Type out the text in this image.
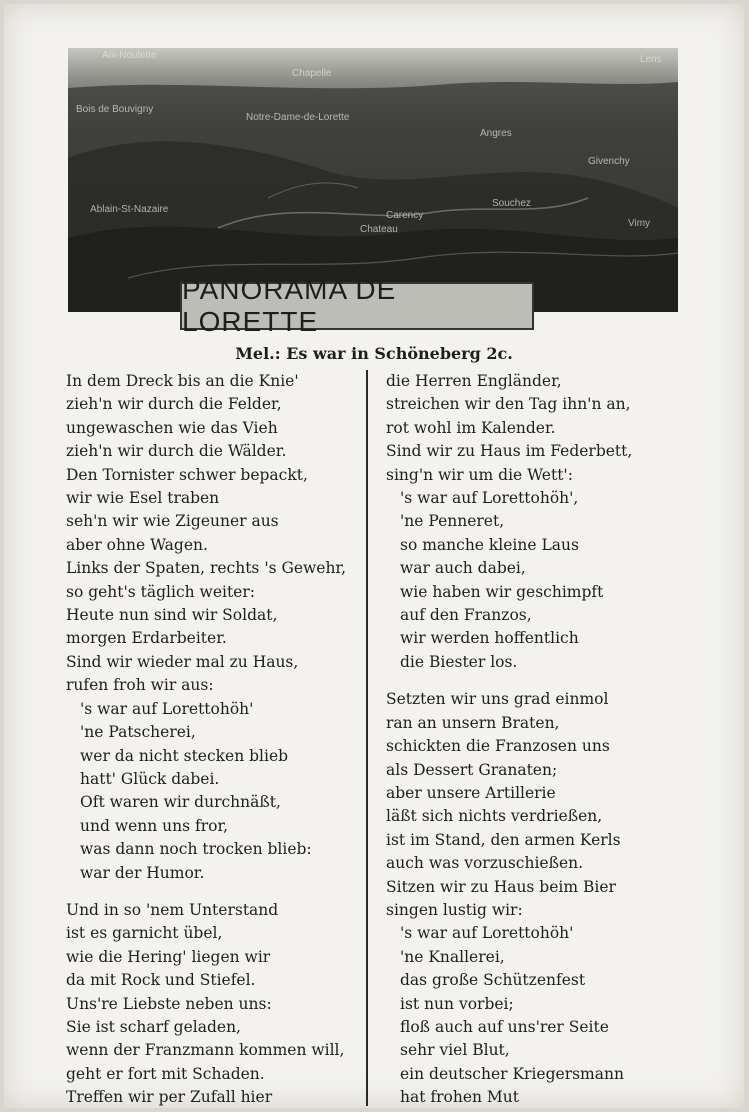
Aix-Noulette	Lens
Chapelle
Notre-Dame-de-Lorette
Ablain-St-Nazaire
Angres
Souchez
Givenchy
Chateau
Carency
Bois de Bouvigny
Vimy
PANORAMA DE LORETTE
Mel.: Es war in Schöneberg 2c.
In dem Dreck bis an die Knie'
zieh'n wir durch die Felder,
ungewaschen wie das Vieh
zieh'n wir durch die Wälder.
Den Tornister schwer bepackt,
wir wie Esel traben
seh'n wir wie Zigeuner aus
aber ohne Wagen.
Links der Spaten, rechts 's Gewehr,
so geht's täglich weiter:
Heute nun sind wir Soldat,
morgen Erdarbeiter.
Sind wir wieder mal zu Haus,
rufen froh wir aus:
's war auf Lorettohöh'
'ne Patscherei,
wer da nicht stecken blieb
hatt' Glück dabei.
Oft waren wir durchnäßt,
und wenn uns fror,
was dann noch trocken blieb:
war der Humor.
Und in so 'nem Unterstand
ist es garnicht übel,
wie die Hering' liegen wir
da mit Rock und Stiefel.
Uns're Liebste neben uns:
Sie ist scharf geladen,
wenn der Franzmann kommen will,
geht er fort mit Schaden.
Treffen wir per Zufall hier
die Herren Engländer,
streichen wir den Tag ihn'n an,
rot wohl im Kalender.
Sind wir zu Haus im Federbett,
sing'n wir um die Wett':
's war auf Lorettohöh',
'ne Penneret,
so manche kleine Laus
war auch dabei,
wie haben wir geschimpft
auf den Franzos,
wir werden hoffentlich
die Biester los.
Setzten wir uns grad einmol
ran an unsern Braten,
schickten die Franzosen uns
als Dessert Granaten;
aber unsere Artillerie
läßt sich nichts verdrießen,
ist im Stand, den armen Kerls
auch was vorzuschießen.
Sitzen wir zu Haus beim Bier
singen lustig wir:
's war auf Lorettohöh'
'ne Knallerei,
das große Schützenfest
ist nun vorbei;
floß auch auf uns'rer Seite
sehr viel Blut,
ein deutscher Kriegersmann
hat frohen Mut
